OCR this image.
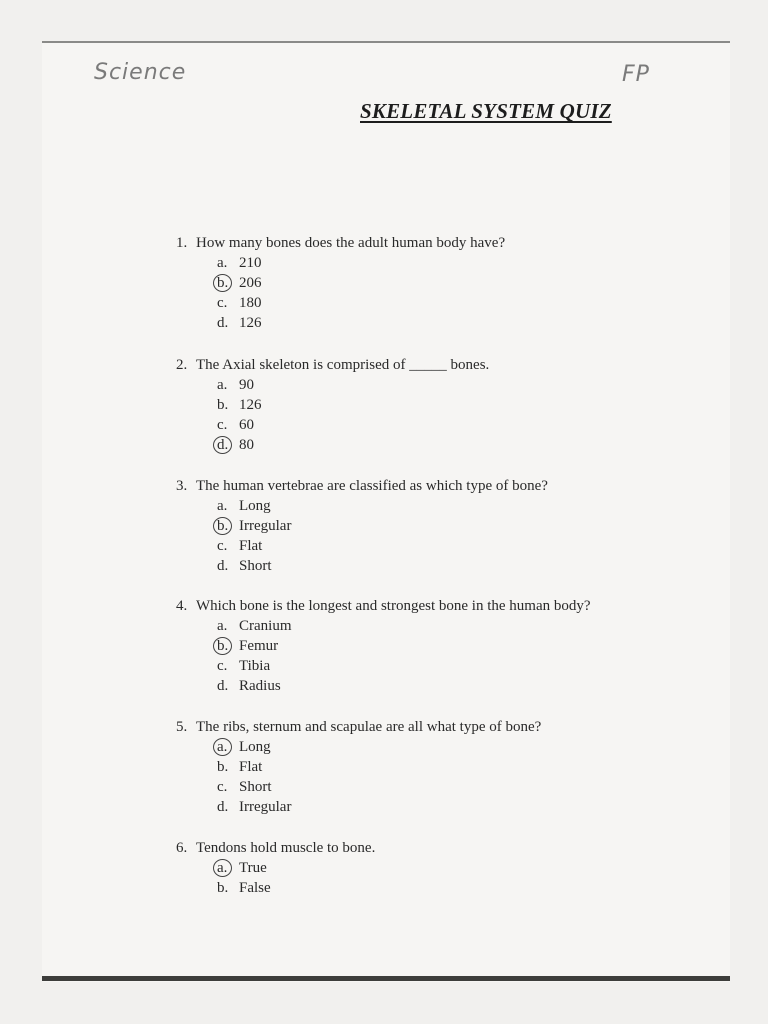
Science	FP
SKELETAL SYSTEM QUIZ
1. How many bones does the adult human body have?
a. 210
b. 206
c. 180
d. 126
2. The Axial skeleton is comprised of _____ bones.
a. 90
b. 126
c. 60
d. 80
3. The human vertebrae are classified as which type of bone?
a. Long
b. Irregular
c. Flat
d. Short
4. Which bone is the longest and strongest bone in the human body?
a. Cranium
b. Femur
c. Tibia
d. Radius
5. The ribs, sternum and scapulae are all what type of bone?
a. Long
b. Flat
c. Short
d. Irregular
6. Tendons hold muscle to bone.
a. True
b. False
